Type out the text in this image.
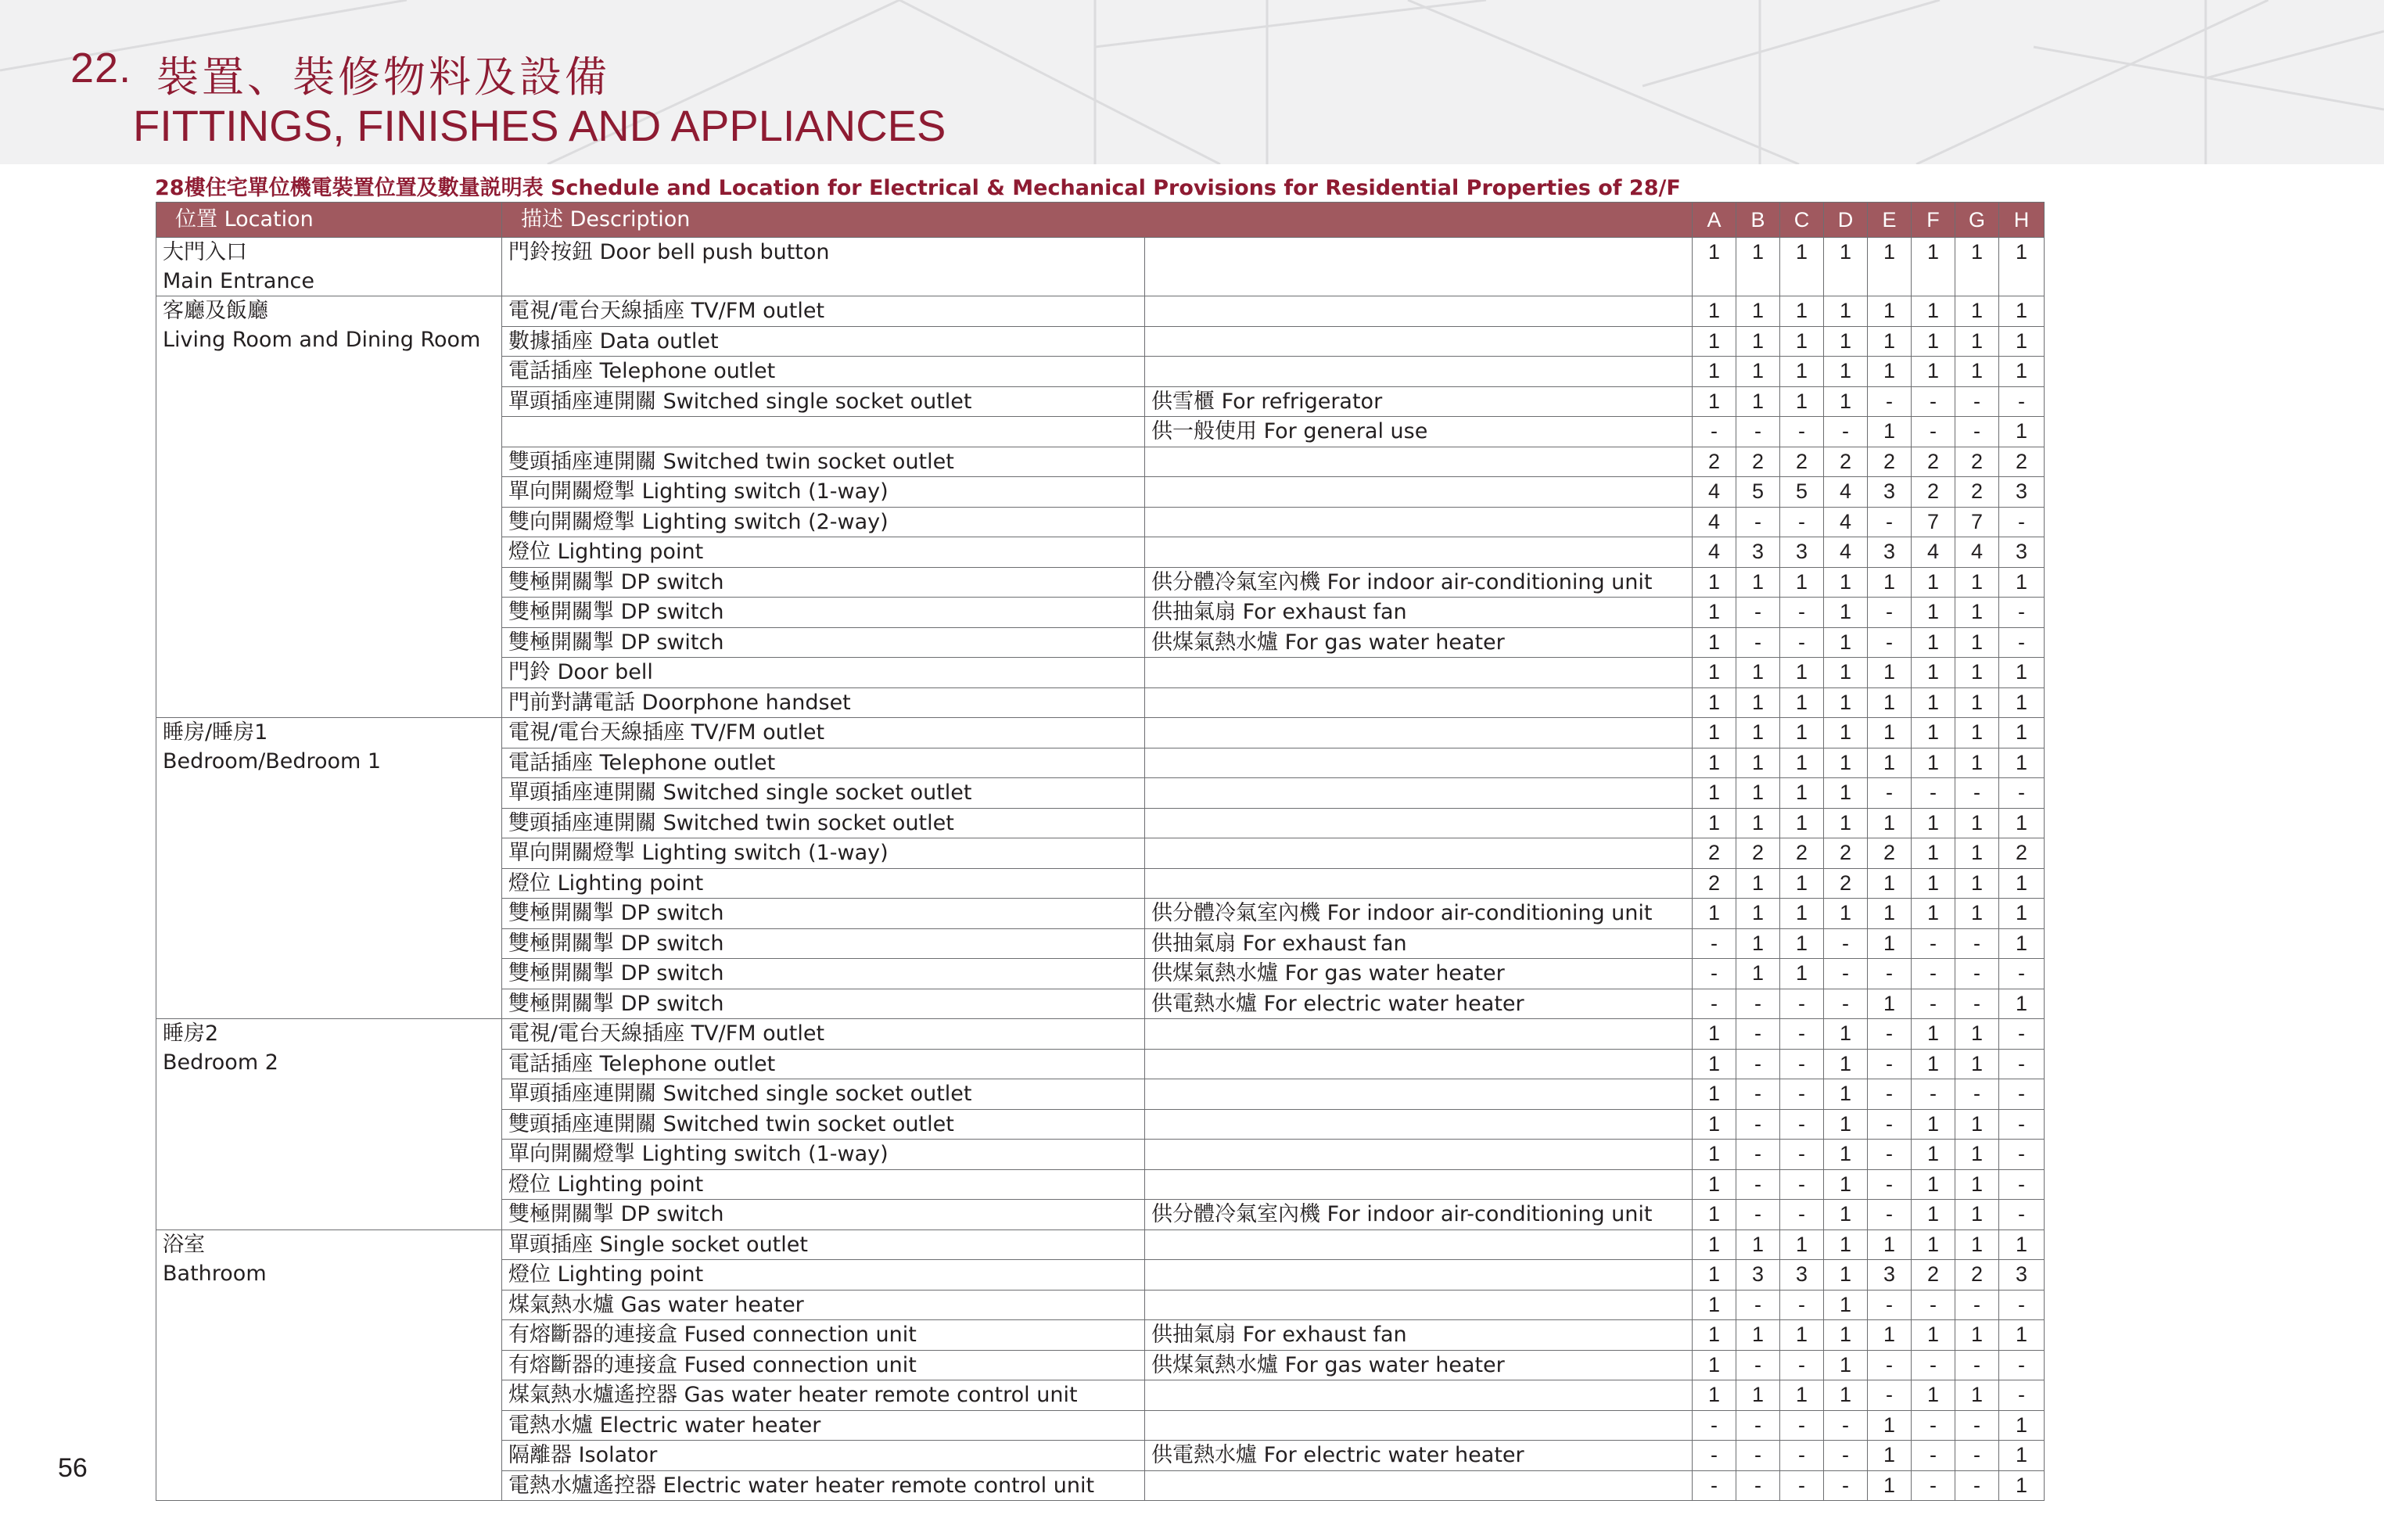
22. 裝置、裝修物料及設備
FITTINGS, FINISHES AND APPLIANCES
28樓住宅單位機電裝置位置及數量説明表 Schedule and Location for Electrical & Mechanical Provisions for Residential Properties of 28/F
位置 Location	描述 Description		A	B	C	D	E	F	G	H

大門入口
Main Entrance	門鈴按鈕 Door bell push button		1	1	1	1	1	1	1	1

客廳及飯廳
Living Room and Dining Room	電視/電台天線插座 TV/FM outlet		1	1	1	1	1	1	1	1
	數據插座 Data outlet		1	1	1	1	1	1	1	1
	電話插座 Telephone outlet		1	1	1	1	1	1	1	1
	單頭插座連開關 Switched single socket outlet	供雪櫃 For refrigerator	1	1	1	1	-	-	-	-
		供一般使用 For general use	-	-	-	-	1	-	-	1
	雙頭插座連開關 Switched twin socket outlet		2	2	2	2	2	2	2	2
	單向開關燈掣 Lighting switch (1-way)		4	5	5	4	3	2	2	3
	雙向開關燈掣 Lighting switch (2-way)		4	-	-	4	-	7	7	-
	燈位 Lighting point		4	3	3	4	3	4	4	3
	雙極開關掣 DP switch	供分體冷氣室內機 For indoor air-conditioning unit	1	1	1	1	1	1	1	1
	雙極開關掣 DP switch	供抽氣扇 For exhaust fan	1	-	-	1	-	1	1	-
	雙極開關掣 DP switch	供煤氣熱水爐 For gas water heater	1	-	-	1	-	1	1	-
	門鈴 Door bell		1	1	1	1	1	1	1	1
	門前對講電話 Doorphone handset		1	1	1	1	1	1	1	1

睡房/睡房1
Bedroom/Bedroom 1	電視/電台天線插座 TV/FM outlet		1	1	1	1	1	1	1	1
	電話插座 Telephone outlet		1	1	1	1	1	1	1	1
	單頭插座連開關 Switched single socket outlet		1	1	1	1	-	-	-	-
	雙頭插座連開關 Switched twin socket outlet		1	1	1	1	1	1	1	1
	單向開關燈掣 Lighting switch (1-way)		2	2	2	2	2	1	1	2
	燈位 Lighting point		2	1	1	2	1	1	1	1
	雙極開關掣 DP switch	供分體冷氣室內機 For indoor air-conditioning unit	1	1	1	1	1	1	1	1
	雙極開關掣 DP switch	供抽氣扇 For exhaust fan	-	1	1	-	1	-	-	1
	雙極開關掣 DP switch	供煤氣熱水爐 For gas water heater	-	1	1	-	-	-	-	-
	雙極開關掣 DP switch	供電熱水爐 For electric water heater	-	-	-	-	1	-	-	1

睡房2
Bedroom 2	電視/電台天線插座 TV/FM outlet		1	-	-	1	-	1	1	-
	電話插座 Telephone outlet		1	-	-	1	-	1	1	-
	單頭插座連開關 Switched single socket outlet		1	-	-	1	-	-	-	-
	雙頭插座連開關 Switched twin socket outlet		1	-	-	1	-	1	1	-
	單向開關燈掣 Lighting switch (1-way)		1	-	-	1	-	1	1	-
	燈位 Lighting point		1	-	-	1	-	1	1	-
	雙極開關掣 DP switch	供分體冷氣室內機 For indoor air-conditioning unit	1	-	-	1	-	1	1	-

浴室
Bathroom	單頭插座 Single socket outlet		1	1	1	1	1	1	1	1
	燈位 Lighting point		1	3	3	1	3	2	2	3
	煤氣熱水爐 Gas water heater		1	-	-	1	-	-	-	-
	有熔斷器的連接盒 Fused connection unit	供抽氣扇 For exhaust fan	1	1	1	1	1	1	1	1
	有熔斷器的連接盒 Fused connection unit	供煤氣熱水爐 For gas water heater	1	-	-	1	-	-	-	-
	煤氣熱水爐遙控器 Gas water heater remote control unit		1	1	1	1	-	1	1	-
	電熱水爐 Electric water heater		-	-	-	-	1	-	-	1
	隔離器 Isolator	供電熱水爐 For electric water heater	-	-	-	-	1	-	-	1
	電熱水爐遙控器 Electric water heater remote control unit		-	-	-	-	1	-	-	1
56
